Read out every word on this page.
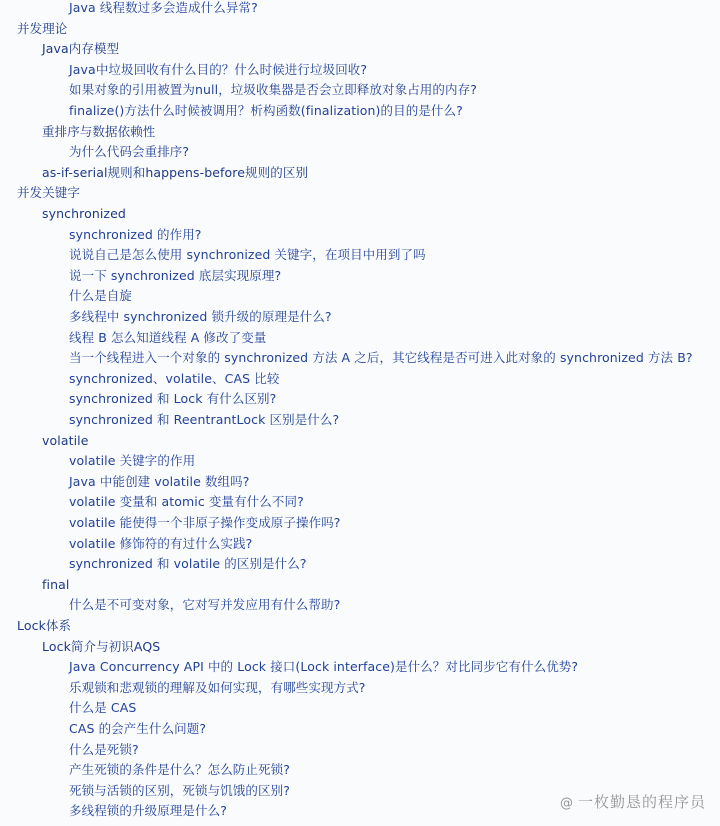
Java 线程数过多会造成什么异常?
并发理论
Java内存模型
Java中垃圾回收有什么目的？什么时候进行垃圾回收?
如果对象的引用被置为null，垃圾收集器是否会立即释放对象占用的内存?
finalize()方法什么时候被调用？析构函数(finalization)的目的是什么?
重排序与数据依赖性
为什么代码会重排序?
as-if-serial规则和happens-before规则的区别
并发关键字
synchronized
synchronized 的作用?
说说自己是怎么使用 synchronized 关键字，在项目中用到了吗
说一下 synchronized 底层实现原理?
什么是自旋
多线程中 synchronized 锁升级的原理是什么?
线程 B 怎么知道线程 A 修改了变量
当一个线程进入一个对象的 synchronized 方法 A 之后，其它线程是否可进入此对象的 synchronized 方法 B?
synchronized、volatile、CAS 比较
synchronized 和 Lock 有什么区别?
synchronized 和 ReentrantLock 区别是什么?
volatile
volatile 关键字的作用
Java 中能创建 volatile 数组吗?
volatile 变量和 atomic 变量有什么不同?
volatile 能使得一个非原子操作变成原子操作吗?
volatile 修饰符的有过什么实践?
synchronized 和 volatile 的区别是什么?
final
什么是不可变对象，它对写并发应用有什么帮助?
Lock体系
Lock简介与初识AQS
Java Concurrency API 中的 Lock 接口(Lock interface)是什么？对比同步它有什么优势?
乐观锁和悲观锁的理解及如何实现，有哪些实现方式?
什么是 CAS
CAS 的会产生什么问题?
什么是死锁?
产生死锁的条件是什么？怎么防止死锁?
死锁与活锁的区别，死锁与饥饿的区别?
多线程锁的升级原理是什么?	@ 一枚勤恳的程序员
